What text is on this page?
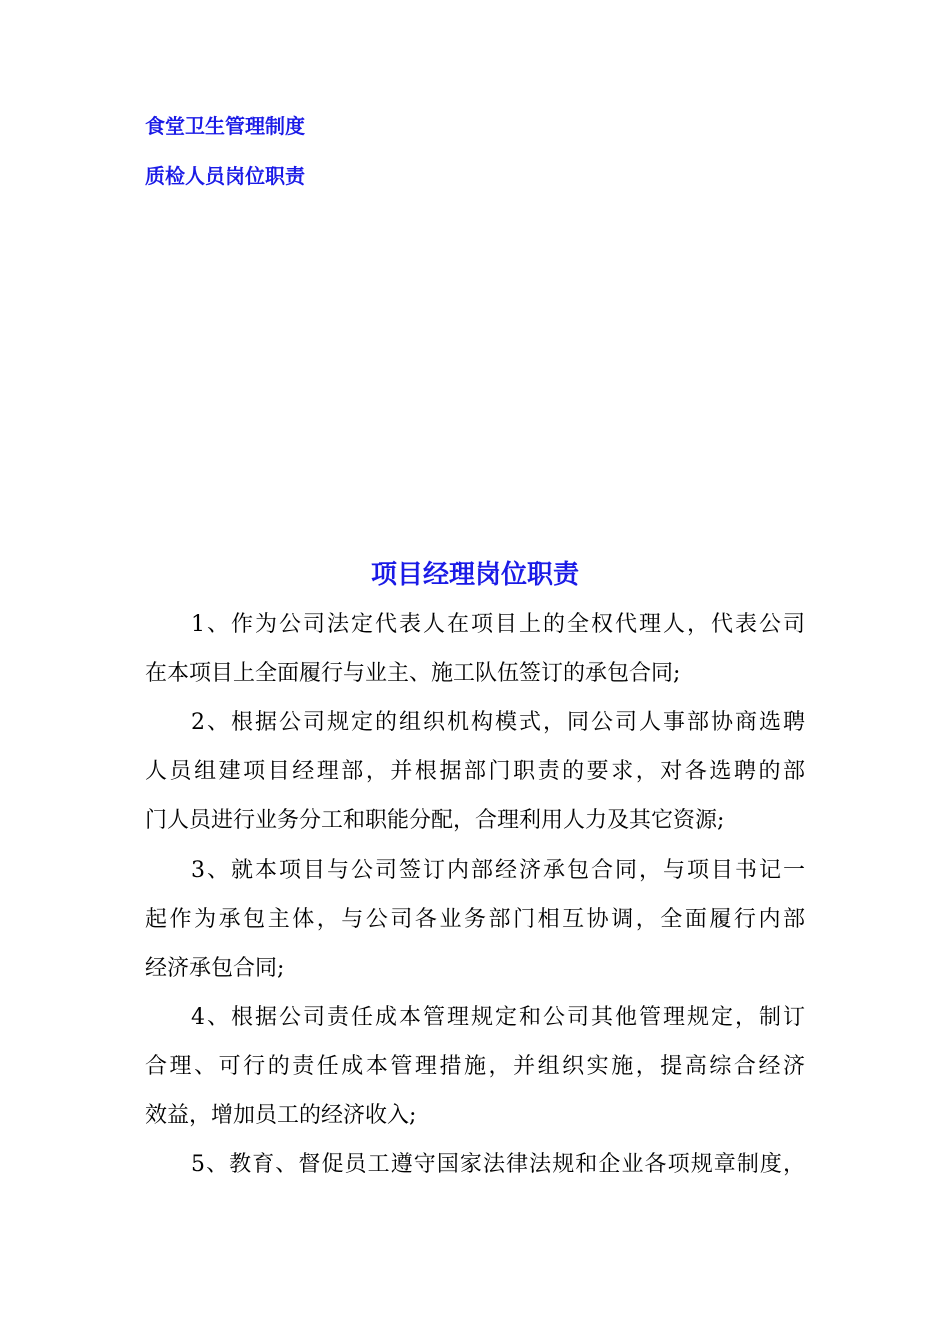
食堂卫生管理制度
质检人员岗位职责
项目经理岗位职责
1、作为公司法定代表人在项目上的全权代理人，代表公司
在本项目上全面履行与业主、施工队伍签订的承包合同;
2、根据公司规定的组织机构模式，同公司人事部协商选聘
人员组建项目经理部，并根据部门职责的要求，对各选聘的部
门人员进行业务分工和职能分配，合理利用人力及其它资源;
3、就本项目与公司签订内部经济承包合同，与项目书记一
起作为承包主体，与公司各业务部门相互协调，全面履行内部
经济承包合同;
4、根据公司责任成本管理规定和公司其他管理规定，制订
合理、可行的责任成本管理措施，并组织实施，提高综合经济
效益，增加员工的经济收入;
5、教育、督促员工遵守国家法律法规和企业各项规章制度，
